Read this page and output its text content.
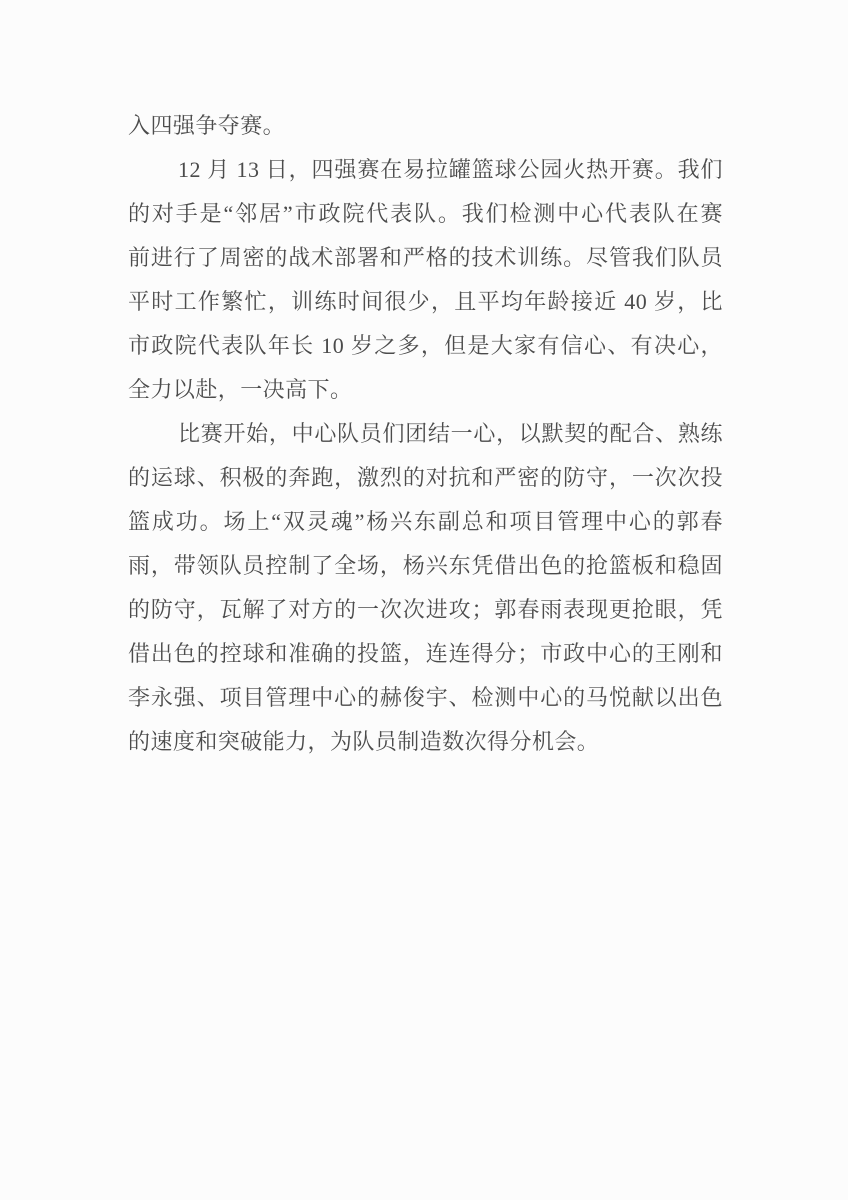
入四强争夺赛。
12 月 13 日，四强赛在易拉罐篮球公园火热开赛。我们
的对手是“邻居”市政院代表队。我们检测中心代表队在赛
前进行了周密的战术部署和严格的技术训练。尽管我们队员
平时工作繁忙，训练时间很少，且平均年龄接近 40 岁，比
市政院代表队年长 10 岁之多，但是大家有信心、有决心，
全力以赴，一决高下。
比赛开始，中心队员们团结一心，以默契的配合、熟练
的运球、积极的奔跑，激烈的对抗和严密的防守，一次次投
篮成功。场上“双灵魂”杨兴东副总和项目管理中心的郭春
雨，带领队员控制了全场，杨兴东凭借出色的抢篮板和稳固
的防守，瓦解了对方的一次次进攻；郭春雨表现更抢眼，凭
借出色的控球和准确的投篮，连连得分；市政中心的王刚和
李永强、项目管理中心的赫俊宇、检测中心的马悦献以出色
的速度和突破能力，为队员制造数次得分机会。
